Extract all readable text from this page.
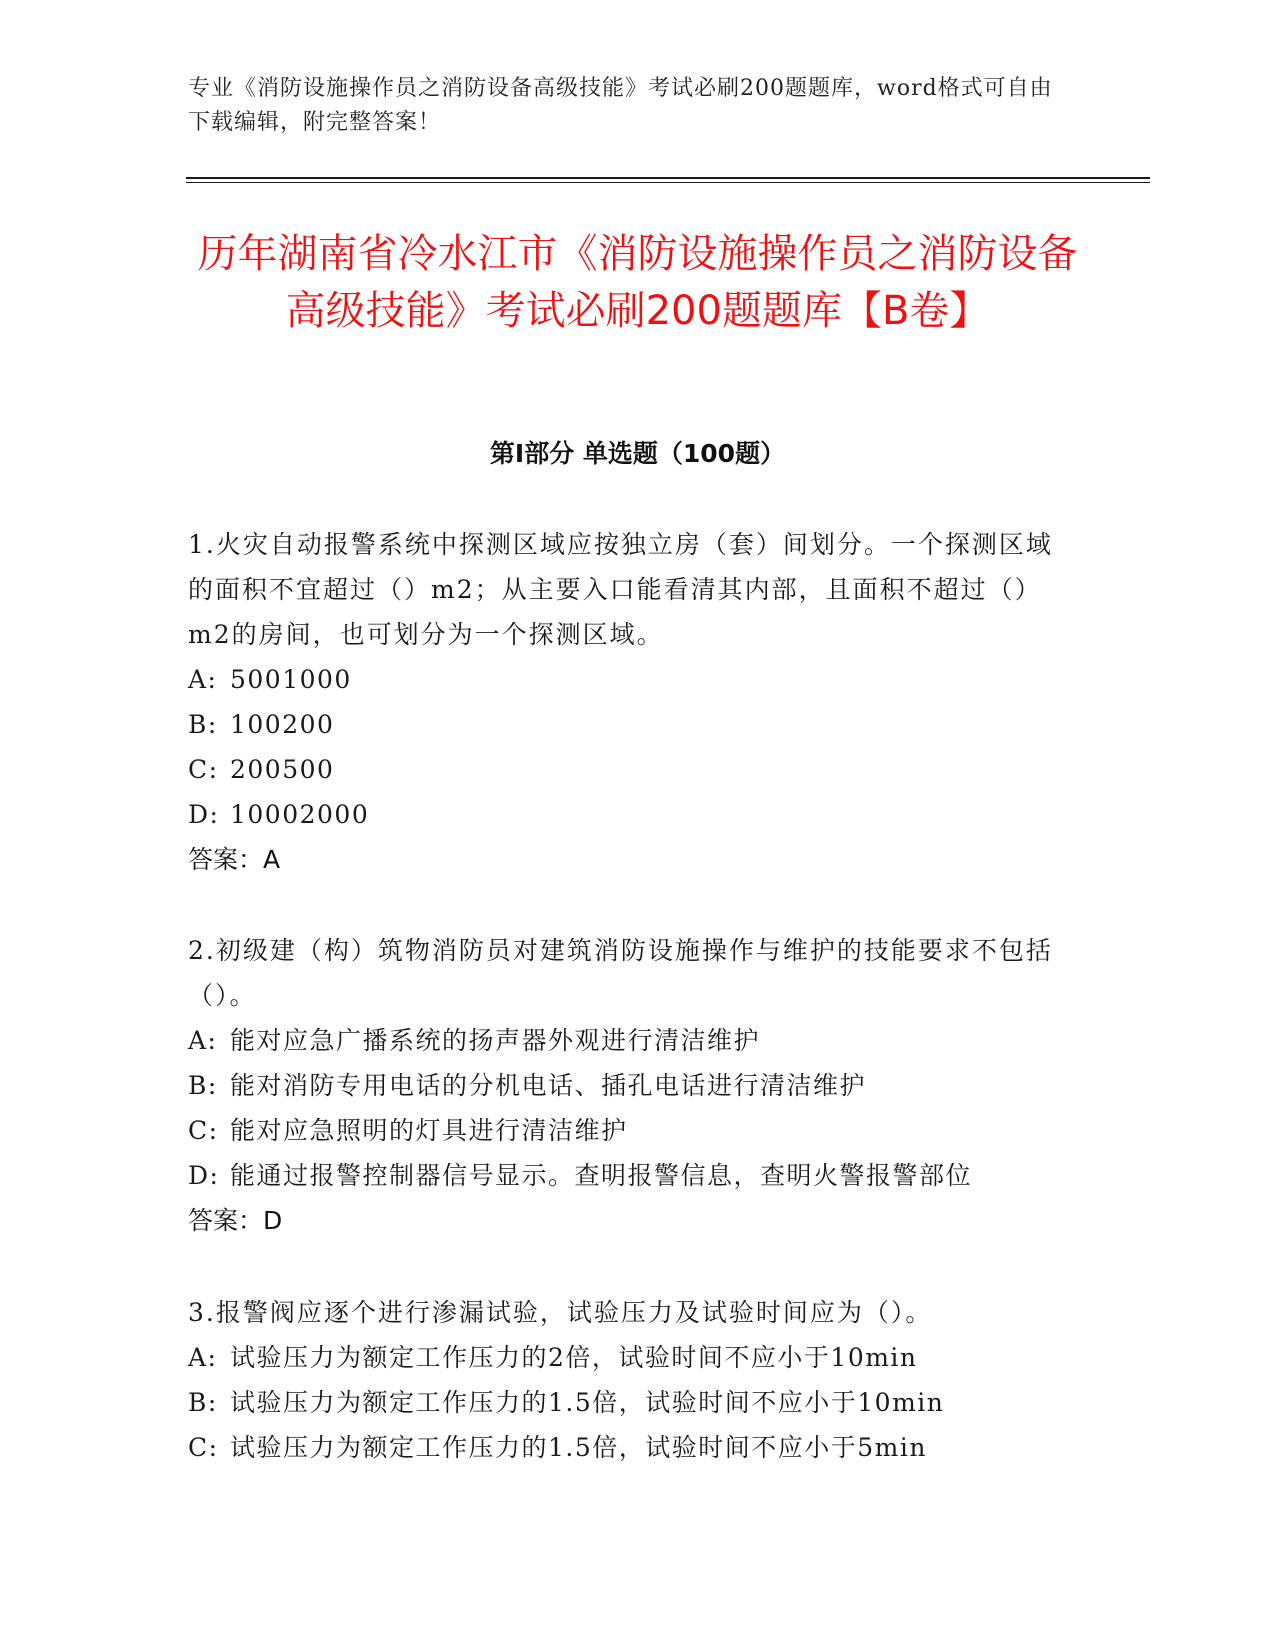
专业《消防设施操作员之消防设备高级技能》考试必刷200题题库，word格式可自由下载编辑，附完整答案！
历年湖南省冷水江市《消防设施操作员之消防设备高级技能》考试必刷200题题库【B卷】
第Ⅰ部分 单选题（100题）

1.火灾自动报警系统中探测区域应按独立房（套）间划分。一个探测区域的面积不宜超过（）m2；从主要入口能看清其内部，且面积不超过（）m2的房间，也可划分为一个探测区域。

A: 5001000

B: 100200

C: 200500

D: 10002000

答案：A

2.初级建（构）筑物消防员对建筑消防设施操作与维护的技能要求不包括（）。

A: 能对应急广播系统的扬声器外观进行清洁维护

B: 能对消防专用电话的分机电话、插孔电话进行清洁维护

C: 能对应急照明的灯具进行清洁维护

D: 能通过报警控制器信号显示。查明报警信息，查明火警报警部位

答案：D

3.报警阀应逐个进行渗漏试验，试验压力及试验时间应为（）。

A: 试验压力为额定工作压力的2倍，试验时间不应小于10min

B: 试验压力为额定工作压力的1.5倍，试验时间不应小于10min

C: 试验压力为额定工作压力的1.5倍，试验时间不应小于5min
